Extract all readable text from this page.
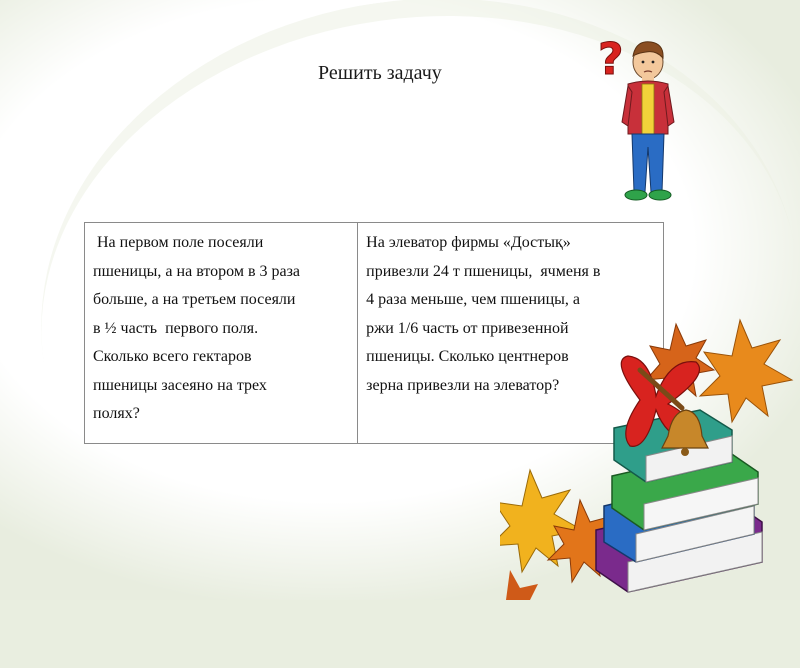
Решить задачу
На первом поле посеяли
пшеницы, а на втором в 3 раза
больше, а на третьем посеяли
в ½ часть  первого поля.
Сколько всего гектаров
пшеницы засеяно на трех
полях?

На элеватор фирмы «Достық»
привезли 24 т пшеницы,  ячменя в
4 раза меньше, чем пшеницы, а
ржи 1/6 часть от привезенной
пшеницы. Сколько центнеров
зерна привезли на элеватор?
?
